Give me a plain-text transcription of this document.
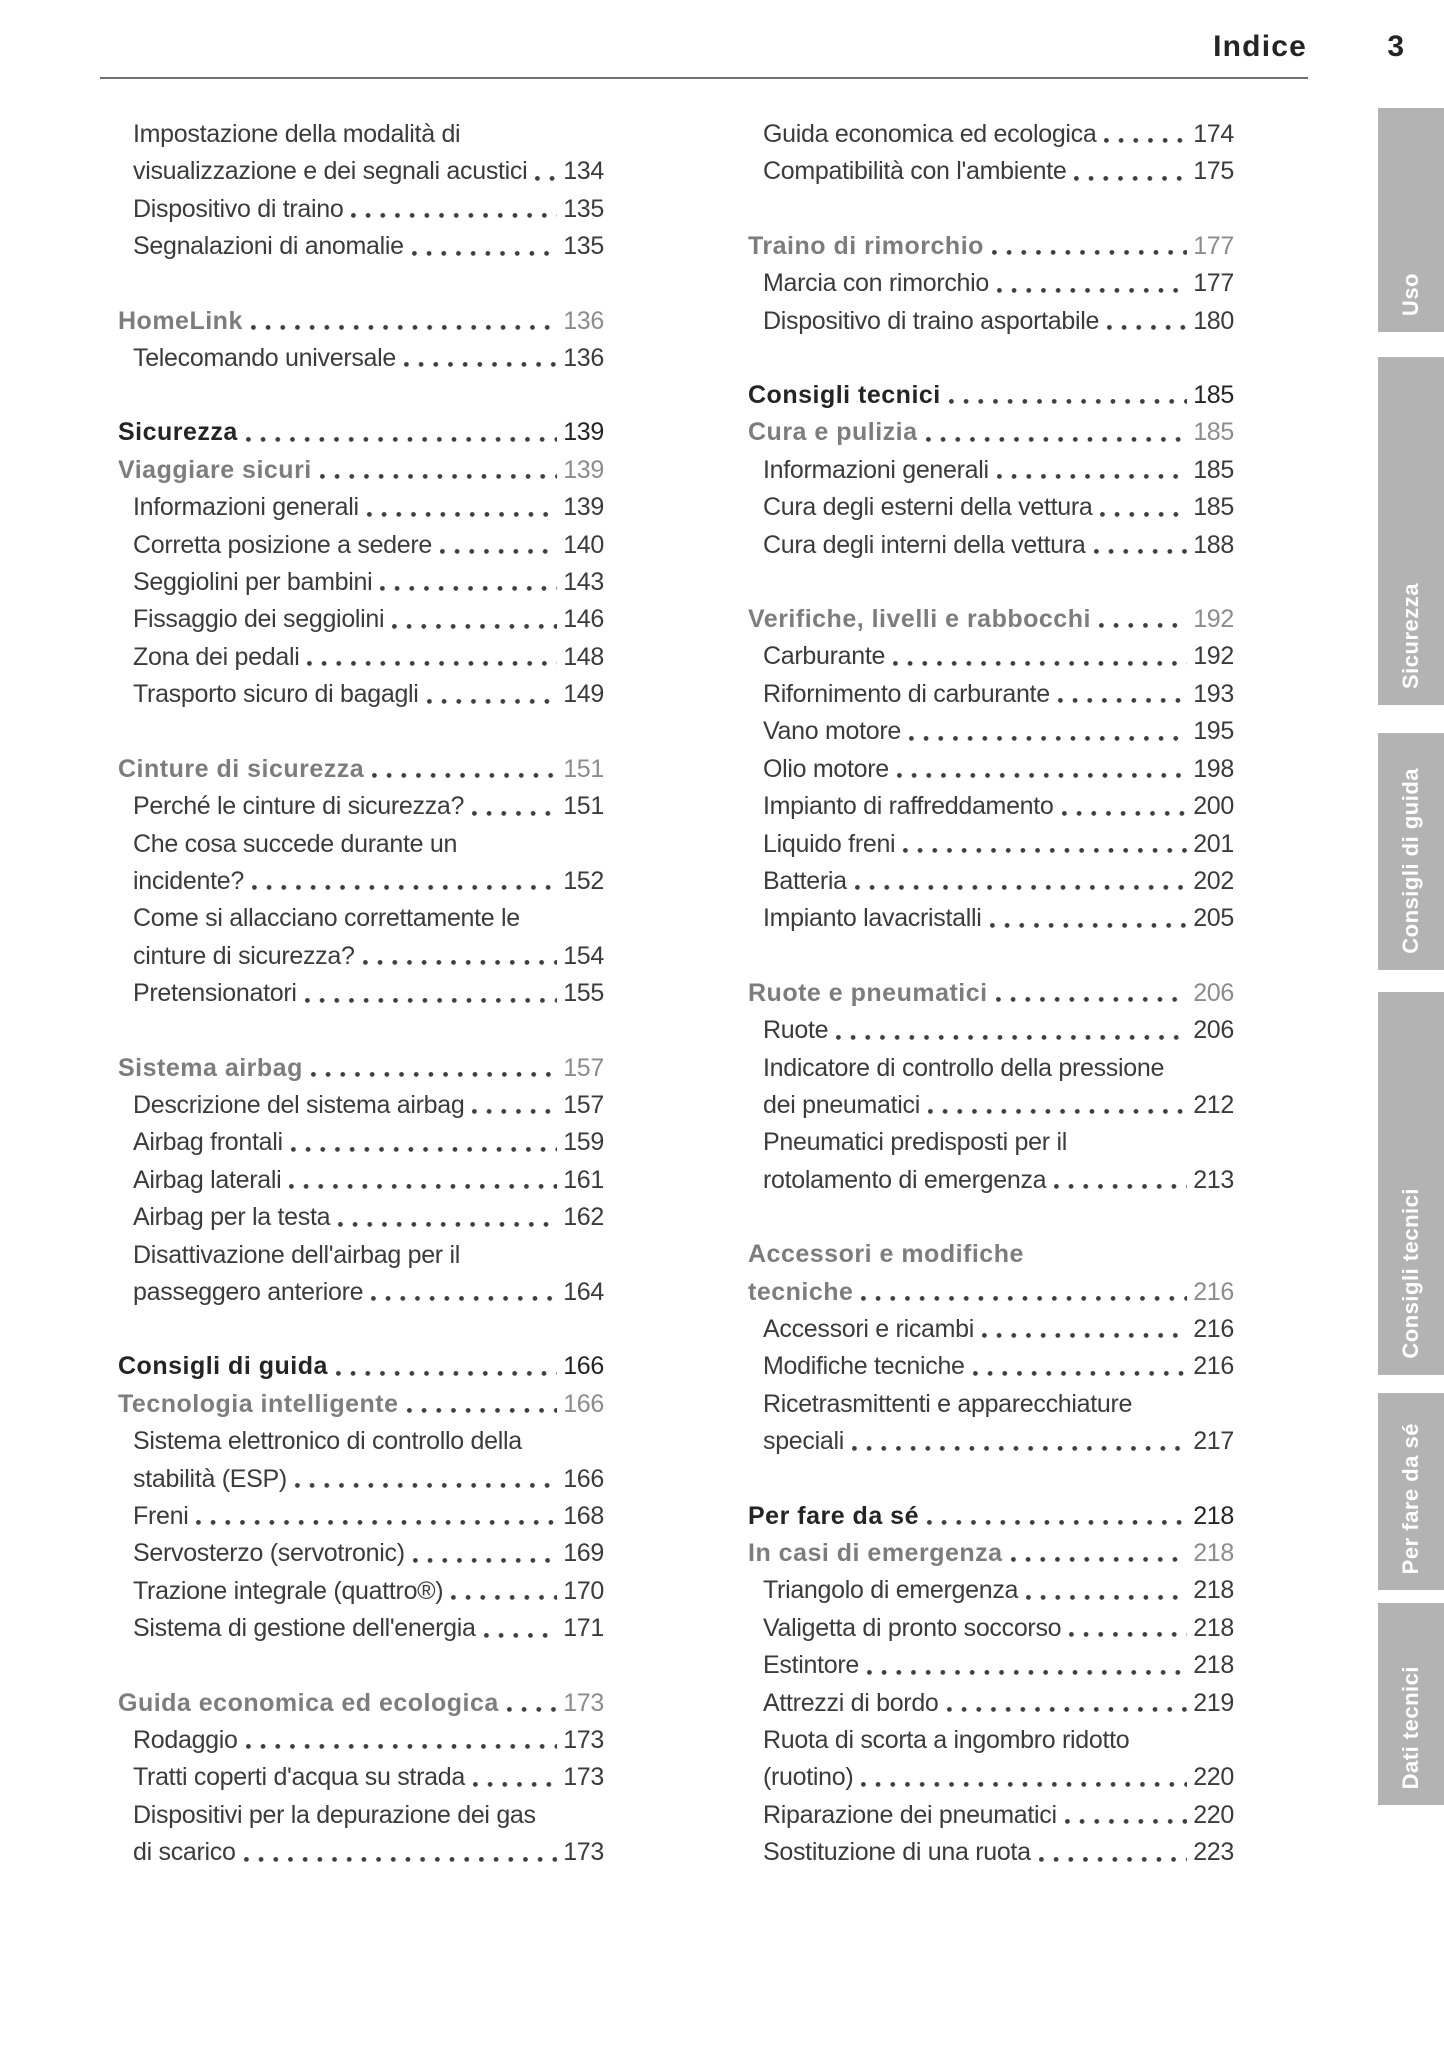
Indice	3
Impostazione della modalità di
visualizzazione e dei segnali acustici 134
Dispositivo di traino	135
Segnalazioni di anomalie	135
HomeLink	136
Telecomando universale	136
Sicurezza	139
Viaggiare sicuri	139
Informazioni generali	139
Corretta posizione a sedere	140
Seggiolini per bambini	143
Fissaggio dei seggiolini	146
Zona dei pedali	148
Trasporto sicuro di bagagli	149
Cinture di sicurezza	151
Perché le cinture di sicurezza?	151
Che cosa succede durante un
incidente?	152
Come si allacciano correttamente le
cinture di sicurezza?	154
Pretensionatori	155
Sistema airbag	157
Descrizione del sistema airbag	157
Airbag frontali	159
Airbag laterali	161
Airbag per la testa	162
Disattivazione dell'airbag per il
passeggero anteriore	164
Consigli di guida	166
Tecnologia intelligente	166
Sistema elettronico di controllo della
stabilità (ESP)	166
Freni	168
Servosterzo (servotronic)	169
Trazione integrale (quattro®)	170
Sistema di gestione dell'energia	171
Guida economica ed ecologica	173
Rodaggio	173
Tratti coperti d'acqua su strada	173
Dispositivi per la depurazione dei gas
di scarico	173
Guida economica ed ecologica	174
Compatibilità con l'ambiente	175
Traino di rimorchio	177
Marcia con rimorchio	177
Dispositivo di traino asportabile	180
Consigli tecnici	185
Cura e pulizia	185
Informazioni generali	185
Cura degli esterni della vettura	185
Cura degli interni della vettura	188
Verifiche, livelli e rabbocchi	192
Carburante	192
Rifornimento di carburante	193
Vano motore	195
Olio motore	198
Impianto di raffreddamento	200
Liquido freni	201
Batteria	202
Impianto lavacristalli	205
Ruote e pneumatici	206
Ruote	206
Indicatore di controllo della pressione
dei pneumatici	212
Pneumatici predisposti per il
rotolamento di emergenza	213
Accessori e modifiche
tecniche	216
Accessori e ricambi	216
Modifiche tecniche	216
Ricetrasmittenti e apparecchiature
speciali	217
Per fare da sé	218
In casi di emergenza	218
Triangolo di emergenza	218
Valigetta di pronto soccorso	218
Estintore	218
Attrezzi di bordo	219
Ruota di scorta a ingombro ridotto
(ruotino)	220
Riparazione dei pneumatici	220
Sostituzione di una ruota	223
Uso
Sicurezza
Consigli di guida
Consigli tecnici
Per fare da sé
Dati tecnici
